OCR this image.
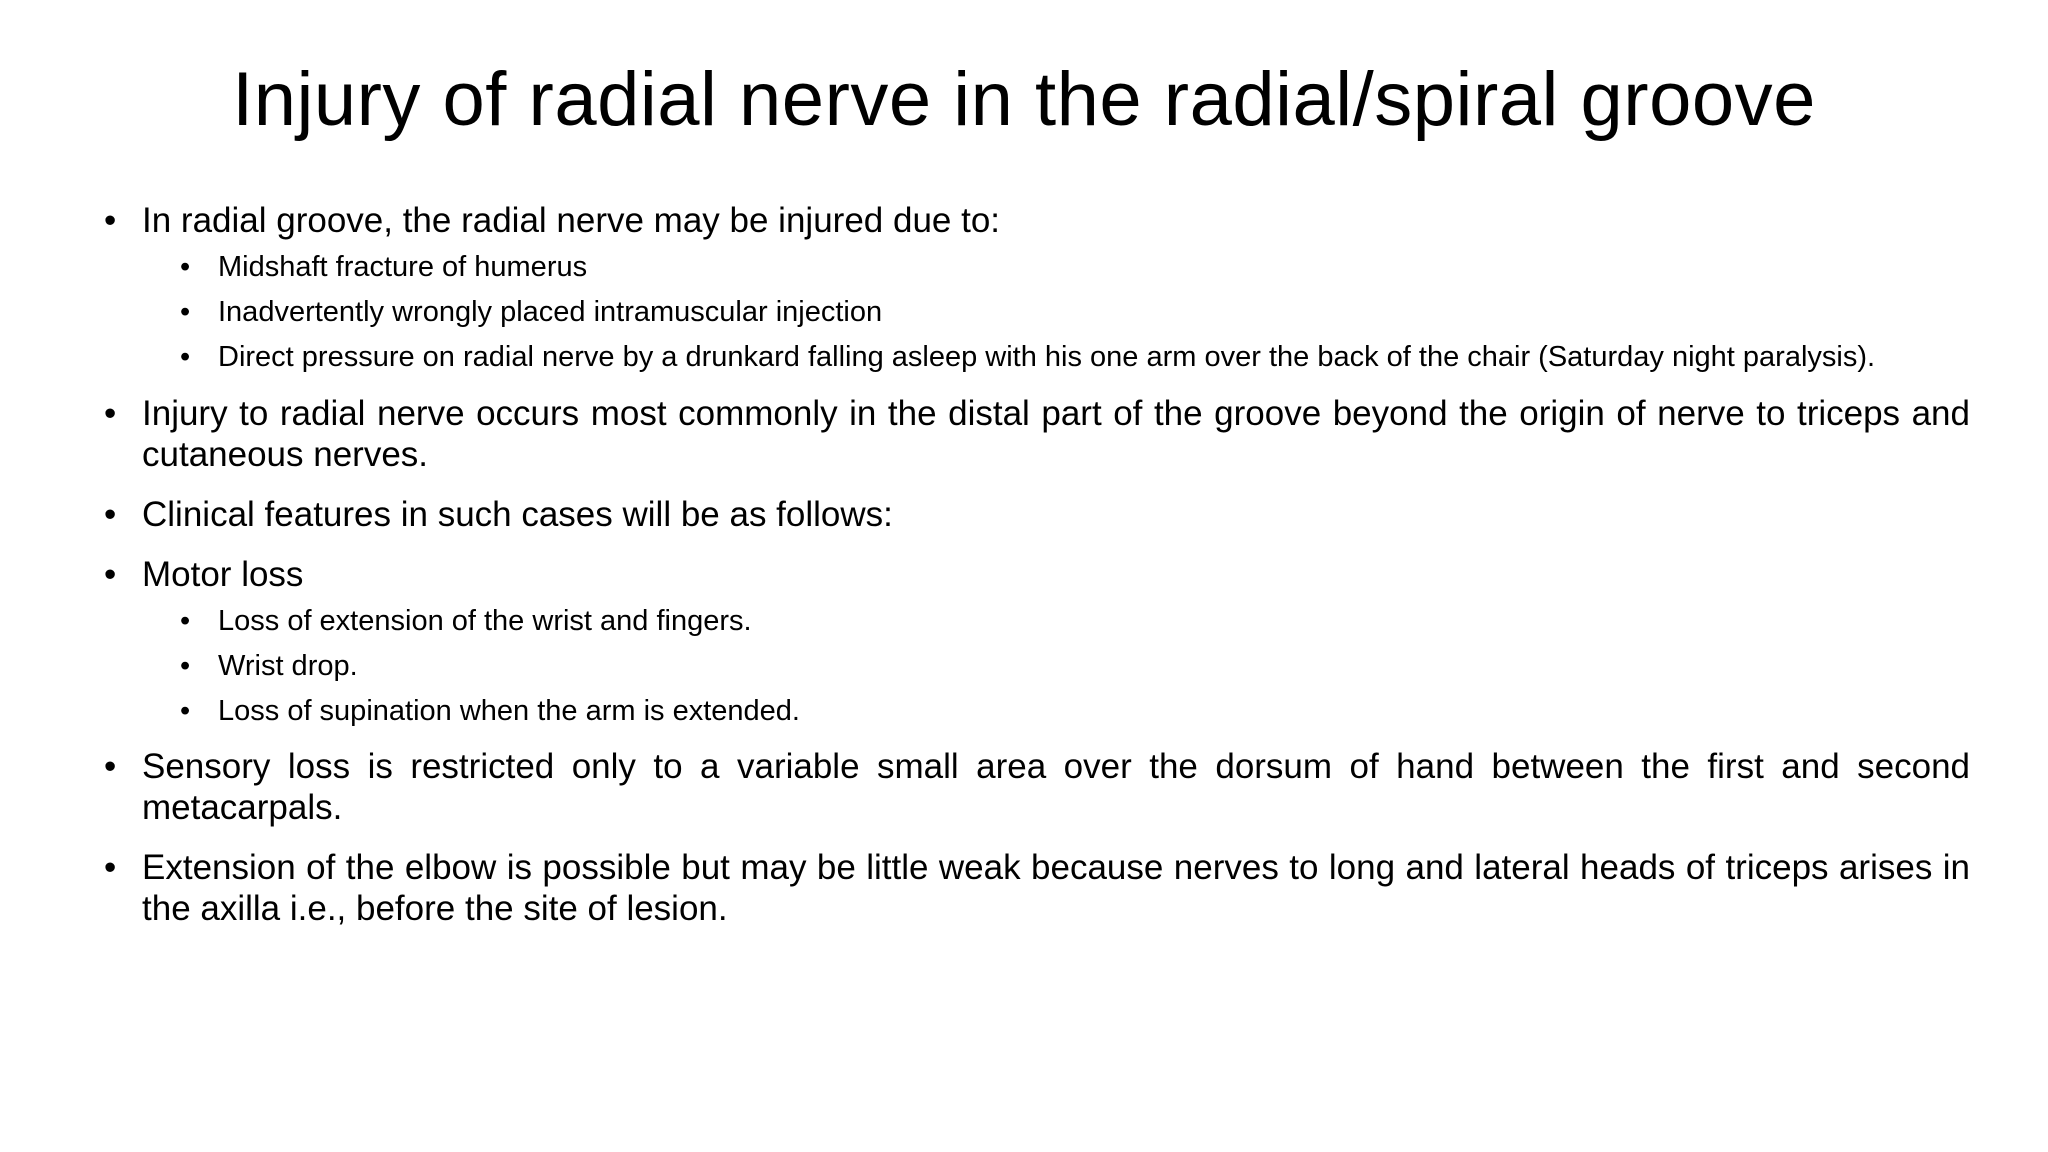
Injury of radial nerve in the radial/spiral groove
• In radial groove, the radial nerve may be injured due to:
• Midshaft fracture of humerus
• Inadvertently wrongly placed intramuscular injection
• Direct pressure on radial nerve by a drunkard falling asleep with his one arm over the back of the chair (Saturday night paralysis).
• Injury to radial nerve occurs most commonly in the distal part of the groove beyond the origin of nerve to triceps and cutaneous nerves.
• Clinical features in such cases will be as follows:
• Motor loss
• Loss of extension of the wrist and fingers.
• Wrist drop.
• Loss of supination when the arm is extended.
• Sensory loss is restricted only to a variable small area over the dorsum of hand between the first and second metacarpals.
• Extension of the elbow is possible but may be little weak because nerves to long and lateral heads of triceps arises in the axilla i.e., before the site of lesion.
